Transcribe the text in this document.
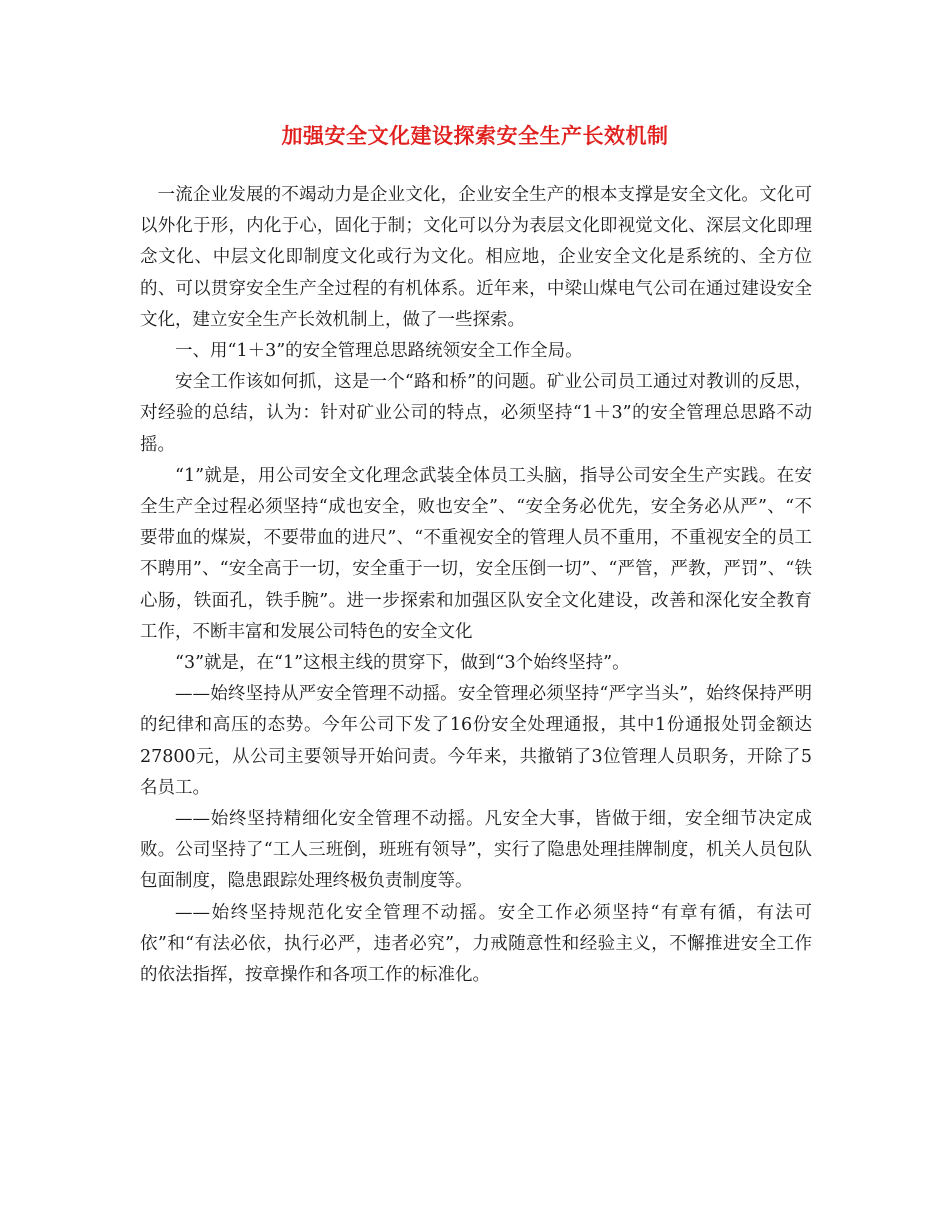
加强安全文化建设探索安全生产长效机制

一流企业发展的不竭动力是企业文化，企业安全生产的根本支撑是安全文化。文化可以外化于形，内化于心，固化于制；文化可以分为表层文化即视觉文化、深层文化即理念文化、中层文化即制度文化或行为文化。相应地，企业安全文化是系统的、全方位的、可以贯穿安全生产全过程的有机体系。近年来，中梁山煤电气公司在通过建设安全文化，建立安全生产长效机制上，做了一些探索。

一、用“1＋3”的安全管理总思路统领安全工作全局。

安全工作该如何抓，这是一个“路和桥”的问题。矿业公司员工通过对教训的反思，对经验的总结，认为：针对矿业公司的特点，必须坚持“1＋3”的安全管理总思路不动摇。

“1”就是，用公司安全文化理念武装全体员工头脑，指导公司安全生产实践。在安全生产全过程必须坚持“成也安全，败也安全”、“安全务必优先，安全务必从严”、“不要带血的煤炭，不要带血的进尺”、“不重视安全的管理人员不重用，不重视安全的员工不聘用”、“安全高于一切，安全重于一切，安全压倒一切”、“严管，严教，严罚”、“铁心肠，铁面孔，铁手腕”。进一步探索和加强区队安全文化建设，改善和深化安全教育工作，不断丰富和发展公司特色的安全文化

“3”就是，在“1”这根主线的贯穿下，做到“3个始终坚持”。

——始终坚持从严安全管理不动摇。安全管理必须坚持“严字当头”，始终保持严明的纪律和高压的态势。今年公司下发了16份安全处理通报，其中1份通报处罚金额达27800元，从公司主要领导开始问责。今年来，共撤销了3位管理人员职务，开除了5名员工。

——始终坚持精细化安全管理不动摇。凡安全大事，皆做于细，安全细节决定成败。公司坚持了“工人三班倒，班班有领导”，实行了隐患处理挂牌制度，机关人员包队包面制度，隐患跟踪处理终极负责制度等。

——始终坚持规范化安全管理不动摇。安全工作必须坚持“有章有循，有法可依”和“有法必依，执行必严，违者必究”，力戒随意性和经验主义，不懈推进安全工作的依法指挥，按章操作和各项工作的标准化。
